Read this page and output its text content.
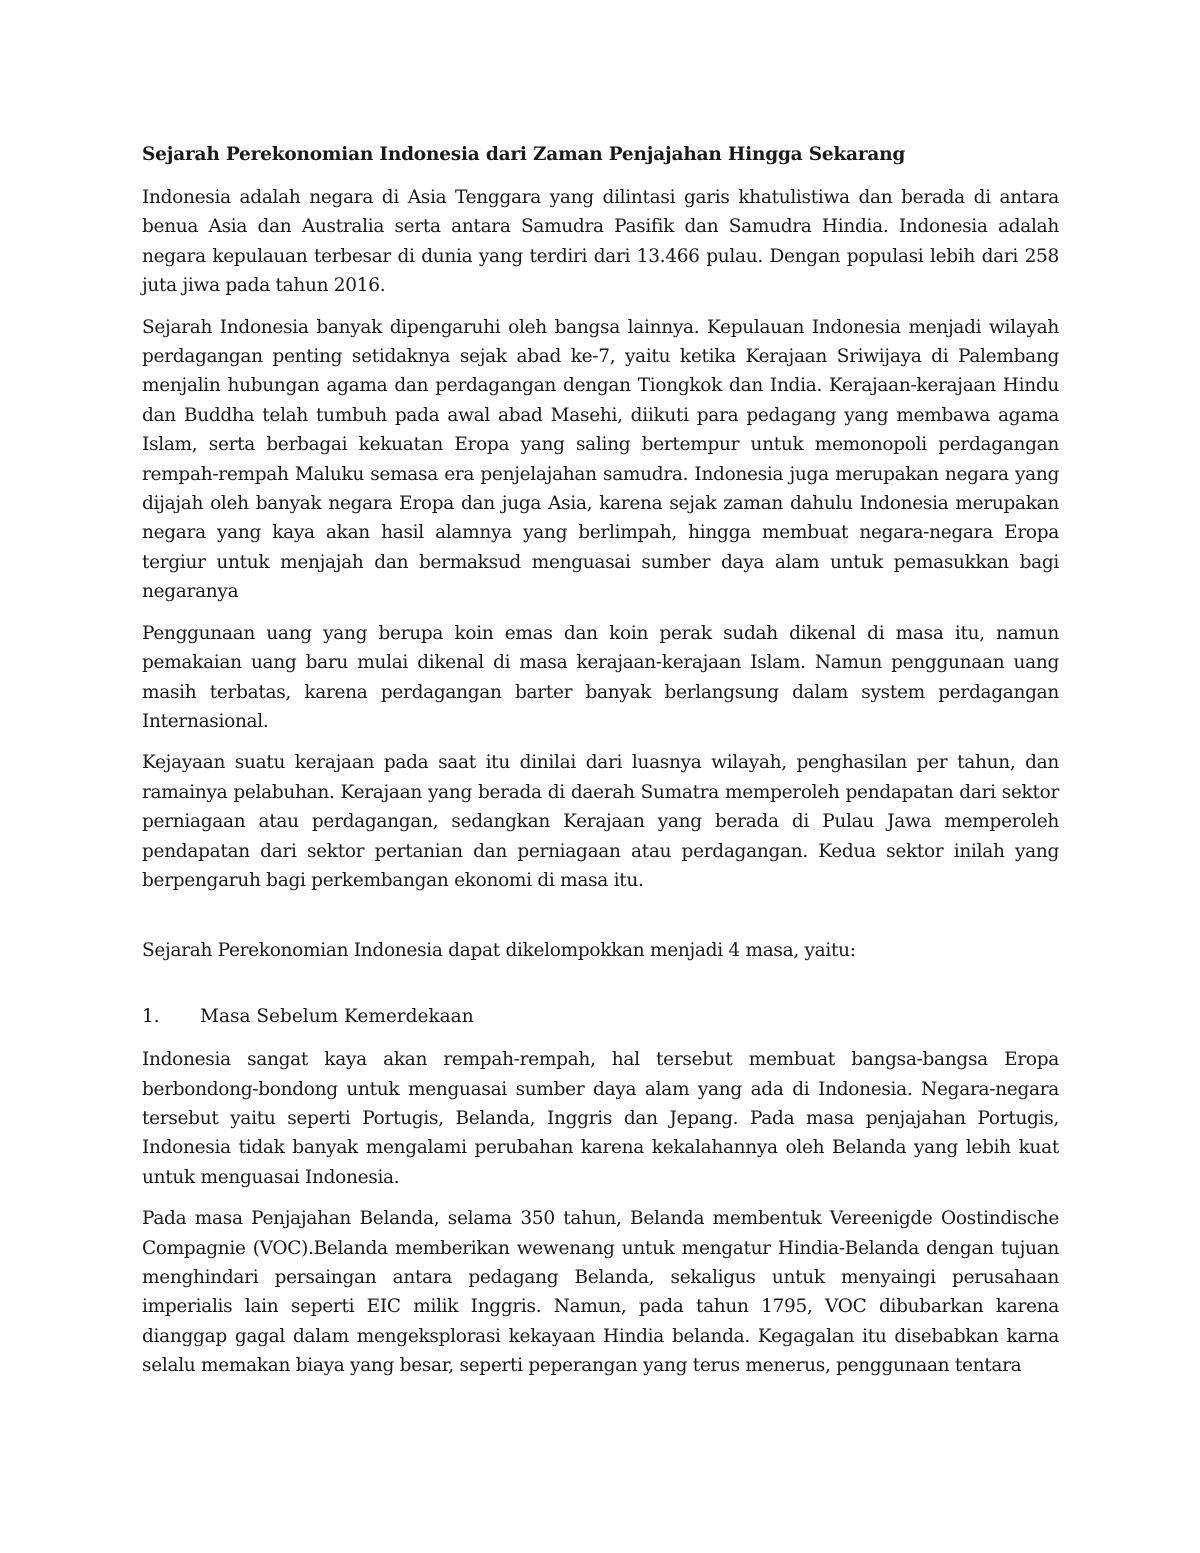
Sejarah Perekonomian Indonesia dari Zaman Penjajahan Hingga Sekarang

Indonesia adalah negara di Asia Tenggara yang dilintasi garis khatulistiwa dan berada di antara benua Asia dan Australia serta antara Samudra Pasifik dan Samudra Hindia. Indonesia adalah negara kepulauan terbesar di dunia yang terdiri dari 13.466 pulau. Dengan populasi lebih dari 258 juta jiwa pada tahun 2016.

Sejarah Indonesia banyak dipengaruhi oleh bangsa lainnya. Kepulauan Indonesia menjadi wilayah perdagangan penting setidaknya sejak abad ke-7, yaitu ketika Kerajaan Sriwijaya di Palembang menjalin hubungan agama dan perdagangan dengan Tiongkok dan India. Kerajaan-kerajaan Hindu dan Buddha telah tumbuh pada awal abad Masehi, diikuti para pedagang yang membawa agama Islam, serta berbagai kekuatan Eropa yang saling bertempur untuk memonopoli perdagangan rempah-rempah Maluku semasa era penjelajahan samudra. Indonesia juga merupakan negara yang dijajah oleh banyak negara Eropa dan juga Asia, karena sejak zaman dahulu Indonesia merupakan negara yang kaya akan hasil alamnya yang berlimpah, hingga membuat negara-negara Eropa tergiur untuk menjajah dan bermaksud menguasai sumber daya alam untuk pemasukkan bagi negaranya

Penggunaan uang yang berupa koin emas dan koin perak sudah dikenal di masa itu, namun pemakaian uang baru mulai dikenal di masa kerajaan-kerajaan Islam. Namun penggunaan uang masih terbatas, karena perdagangan barter banyak berlangsung dalam system perdagangan Internasional.

Kejayaan suatu kerajaan pada saat itu dinilai dari luasnya wilayah, penghasilan per tahun, dan ramainya pelabuhan. Kerajaan yang berada di daerah Sumatra memperoleh pendapatan dari sektor perniagaan atau perdagangan, sedangkan Kerajaan yang berada di Pulau Jawa memperoleh pendapatan dari sektor pertanian dan perniagaan atau perdagangan. Kedua sektor inilah yang berpengaruh bagi perkembangan ekonomi di masa itu.

Sejarah Perekonomian Indonesia dapat dikelompokkan menjadi 4 masa, yaitu:

1.	Masa Sebelum Kemerdekaan

Indonesia sangat kaya akan rempah-rempah, hal tersebut membuat bangsa-bangsa Eropa berbondong-bondong untuk menguasai sumber daya alam yang ada di Indonesia. Negara-negara tersebut yaitu seperti Portugis, Belanda, Inggris dan Jepang. Pada masa penjajahan Portugis, Indonesia tidak banyak mengalami perubahan karena kekalahannya oleh Belanda yang lebih kuat untuk menguasai Indonesia.

Pada masa Penjajahan Belanda, selama 350 tahun, Belanda membentuk Vereenigde Oostindische Compagnie (VOC).Belanda memberikan wewenang untuk mengatur Hindia-Belanda dengan tujuan menghindari persaingan antara pedagang Belanda, sekaligus untuk menyaingi perusahaan imperialis lain seperti EIC milik Inggris. Namun, pada tahun 1795, VOC dibubarkan karena dianggap gagal dalam mengeksplorasi kekayaan Hindia belanda. Kegagalan itu disebabkan karna selalu memakan biaya yang besar, seperti peperangan yang terus menerus, penggunaan tentara
